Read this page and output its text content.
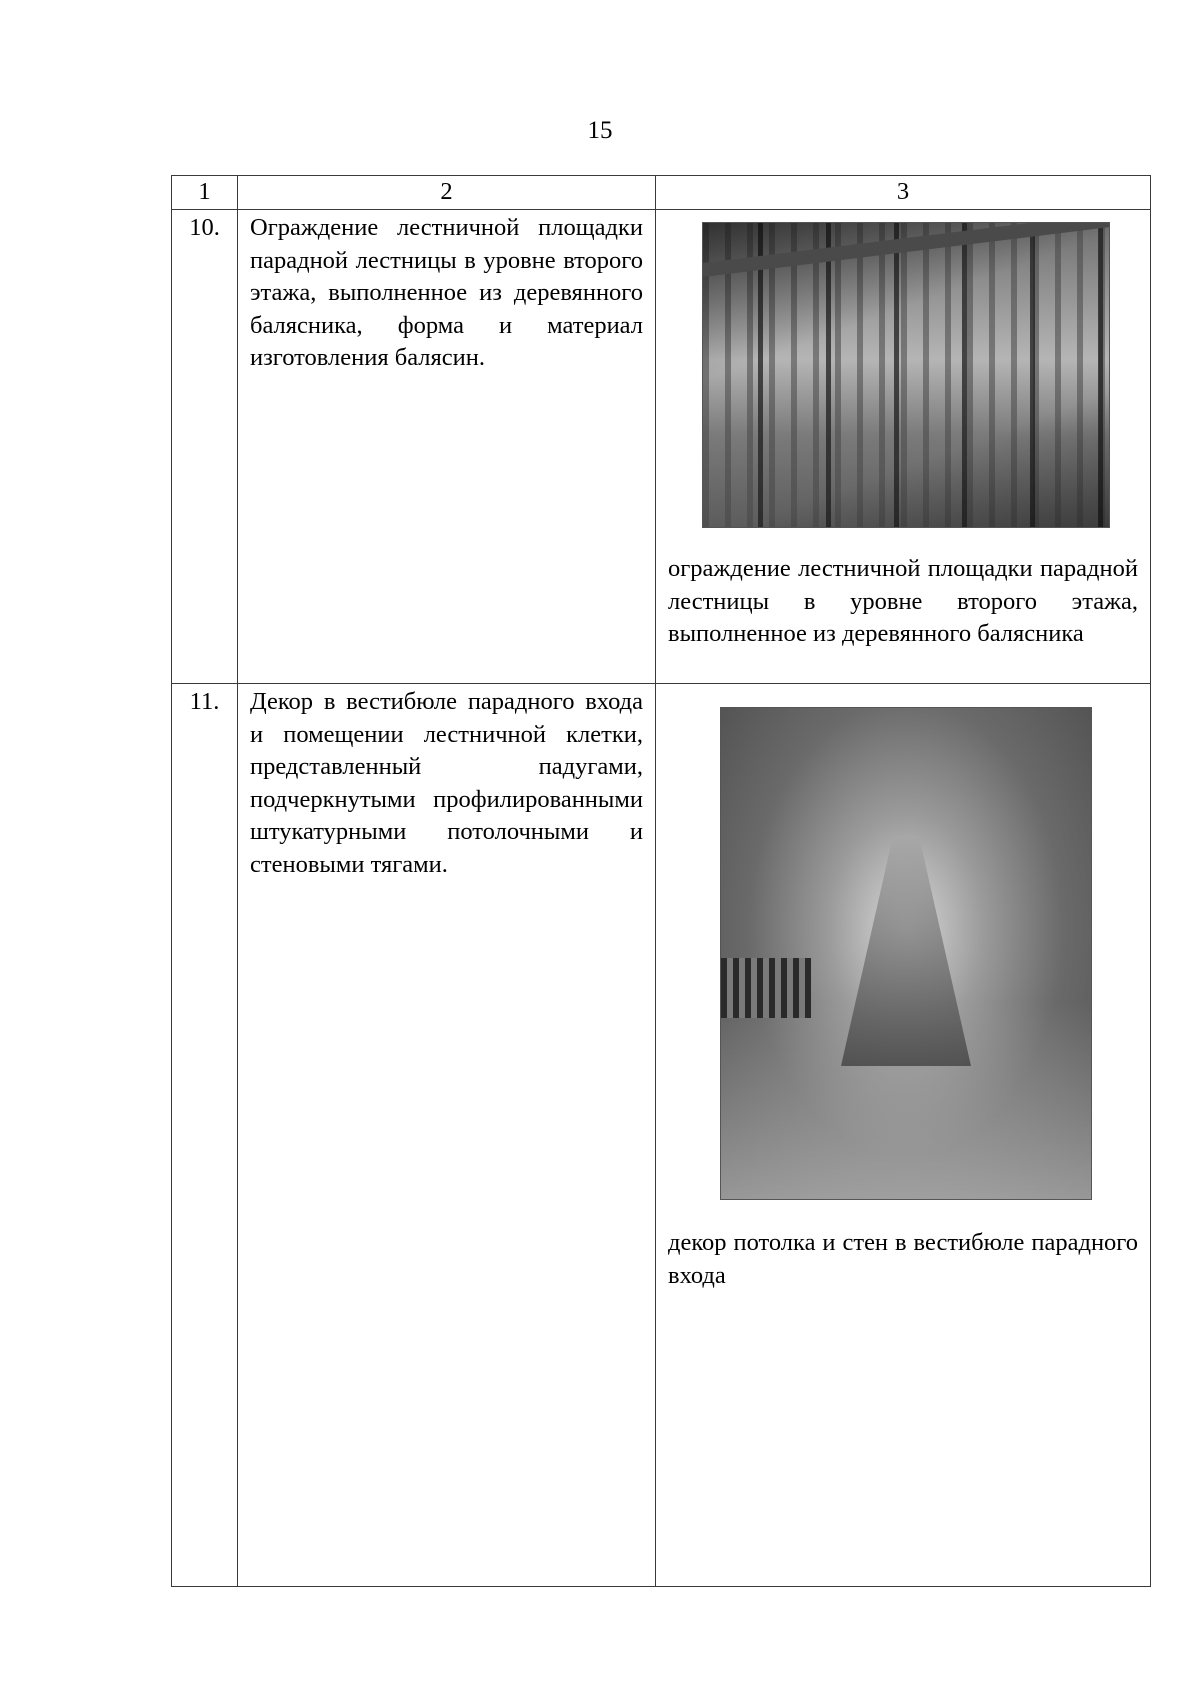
15
1	2	3
10.	Ограждение лестничной площадки парадной лестницы в уровне второго этажа, выполненное из деревянного балясника, форма и материал изготовления балясин.	ограждение лестничной площадки парадной лестницы в уровне второго этажа, выполненное из деревянного балясника

11.	Декор в вестибюле парадного входа и помещении лестничной клетки, представленный падугами, подчеркнутыми профилированными штукатурными потолочными и стеновыми тягами.	декор потолка и стен в вестибюле парадного входа
